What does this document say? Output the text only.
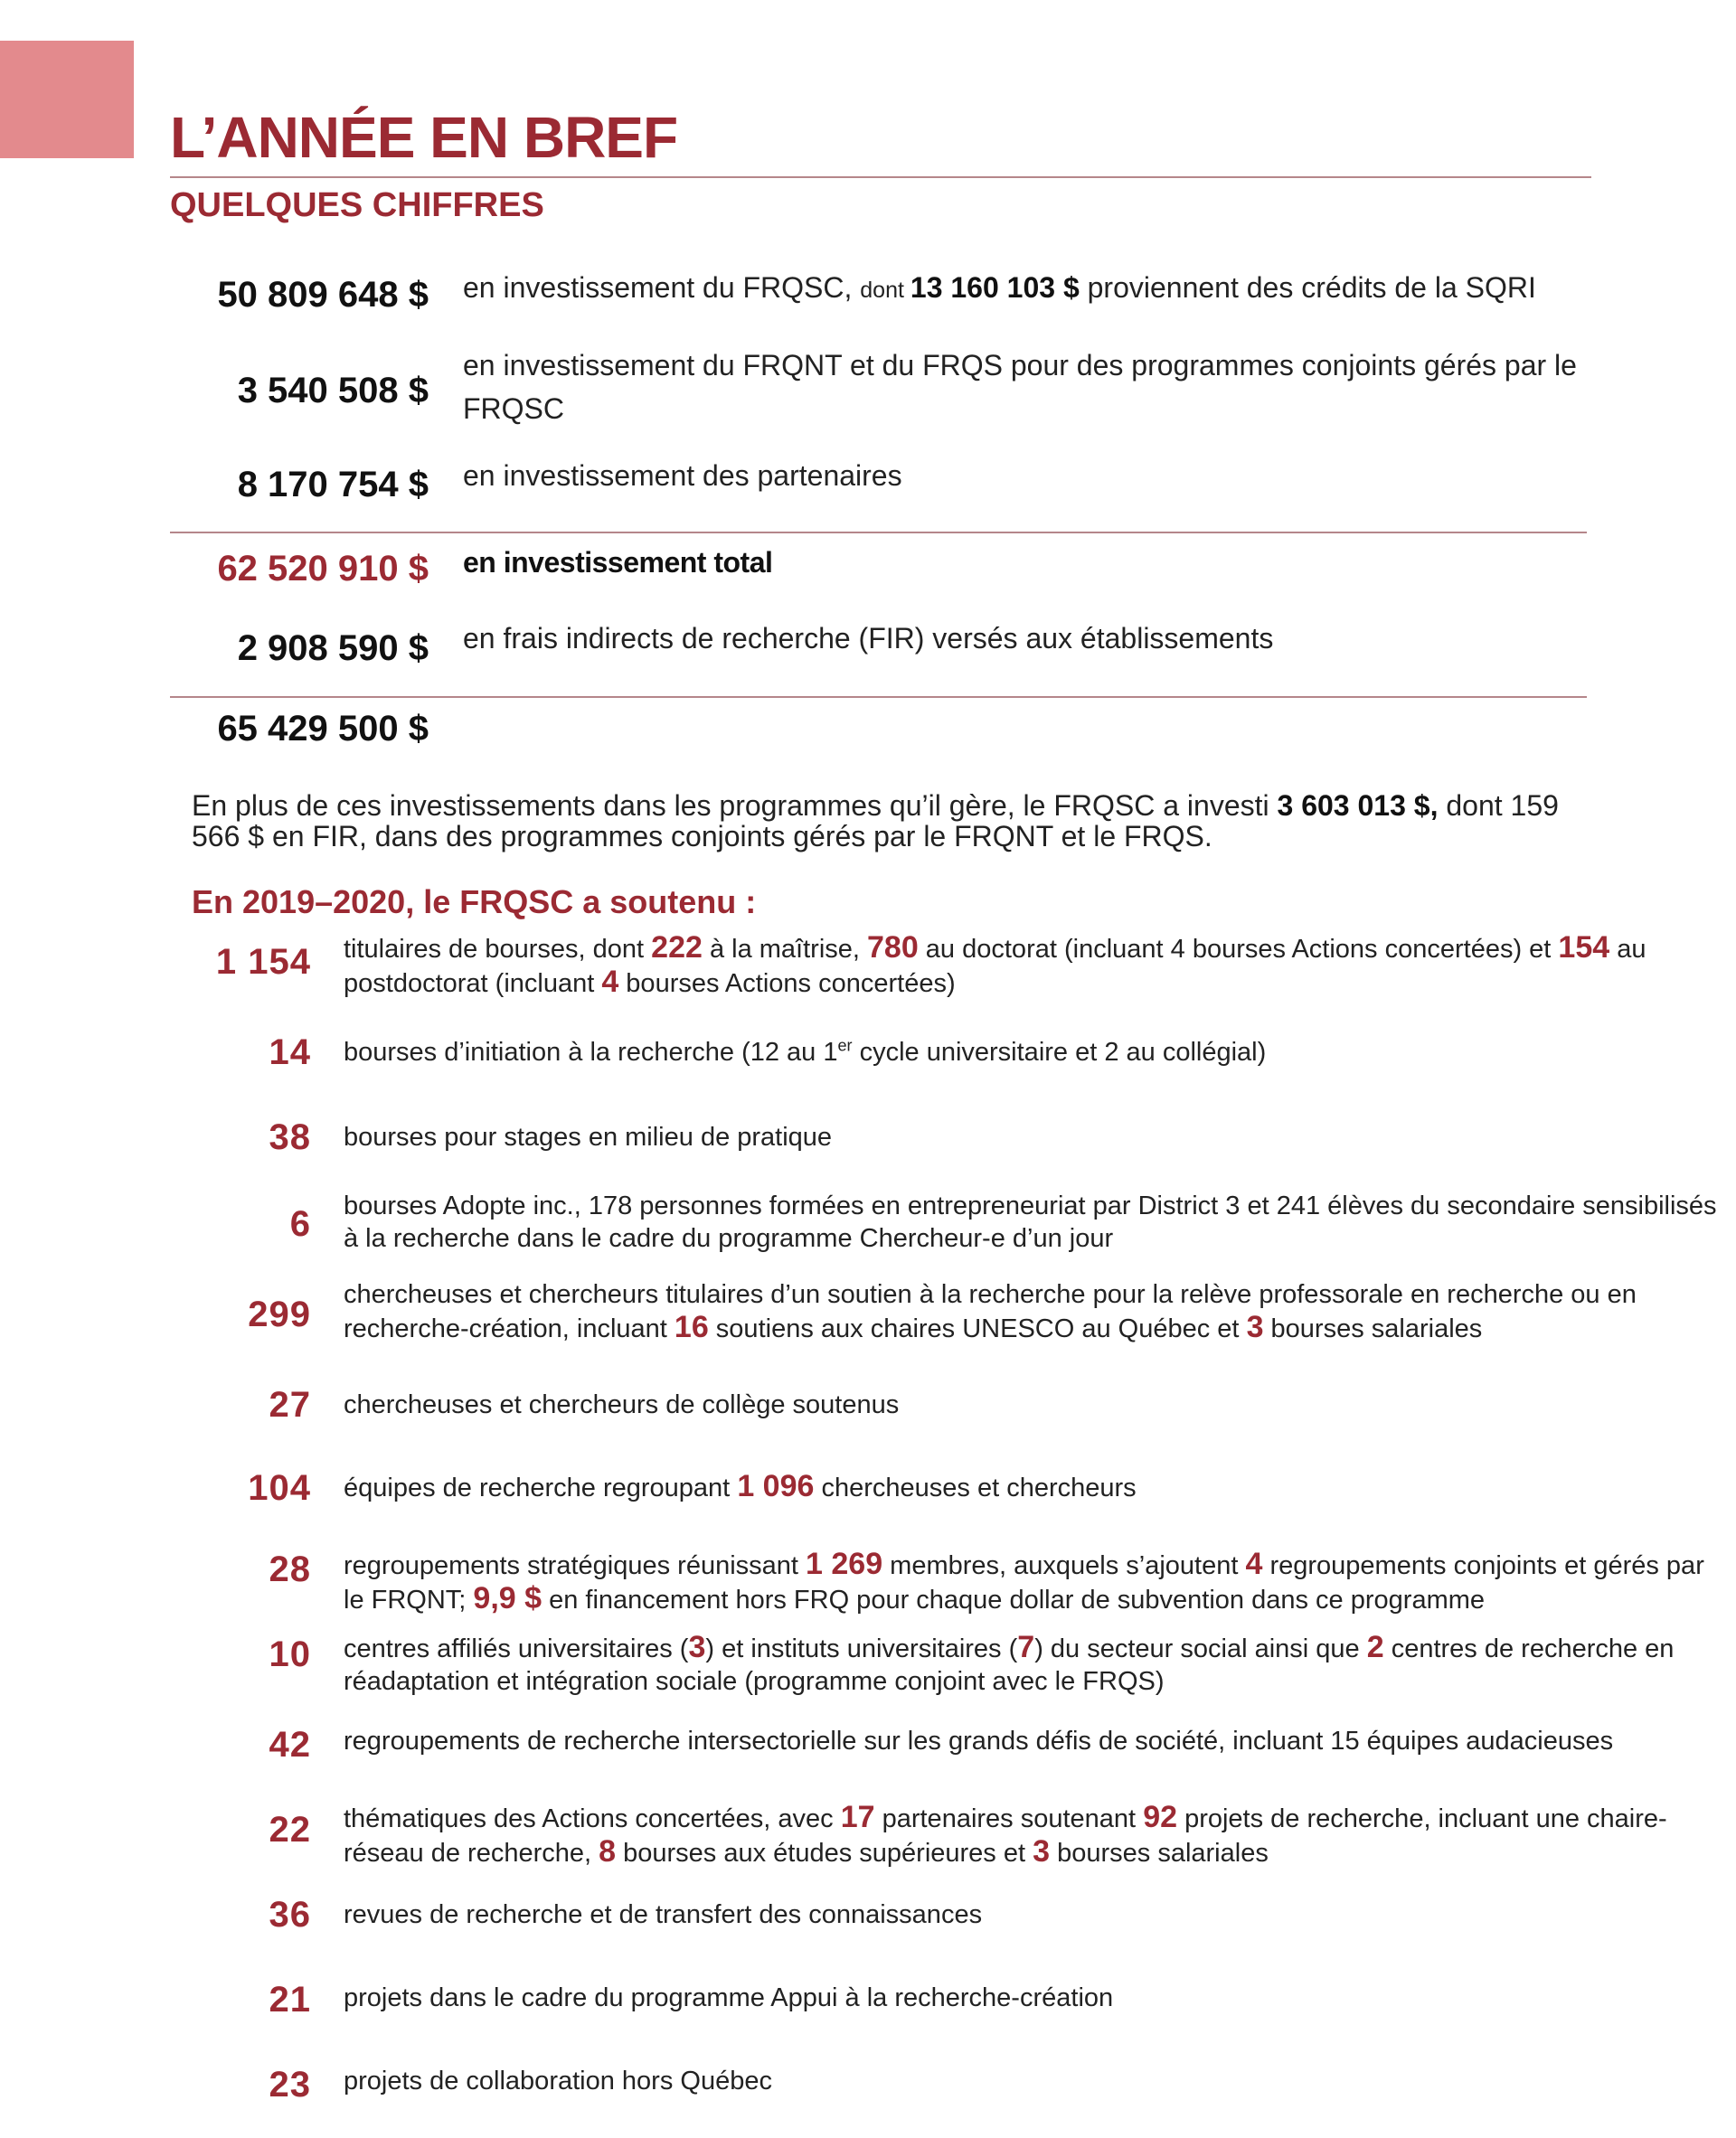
L’ANNÉE EN BREF
QUELQUES CHIFFRES
50 809 648 $ en investissement du FRQSC, dont 13 160 103 $ proviennent des crédits de la SQRI
3 540 508 $
en investissement du FRQNT et du FRQS pour des programmes conjoints gérés par le FRQSC
8 170 754 $ en investissement des partenaires
62 520 910 $ en investissement total
2 908 590 $ en frais indirects de recherche (FIR) versés aux établissements
65 429 500 $
En plus de ces investissements dans les programmes qu’il gère, le FRQSC a investi 3 603 013 $, dont 159 566 $ en FIR, dans des programmes conjoints gérés par le FRQNT et le FRQS.
En 2019–2020, le FRQSC a soutenu :
1 154 titulaires de bourses, dont 222 à la maîtrise, 780 au doctorat (incluant 4 bourses Actions concertées) et 154 au postdoctorat (incluant 4 bourses Actions concertées)
14 bourses d’initiation à la recherche (12 au 1er cycle universitaire et 2 au collégial)
38 bourses pour stages en milieu de pratique
6 bourses Adopte inc., 178 personnes formées en entrepreneuriat par District 3 et 241 élèves du secondaire sensibilisés à la recherche dans le cadre du programme Chercheur-e d’un jour
299 chercheuses et chercheurs titulaires d’un soutien à la recherche pour la relève professorale en recherche ou en recherche-création, incluant 16 soutiens aux chaires UNESCO au Québec et 3 bourses salariales
27 chercheuses et chercheurs de collège soutenus
104 équipes de recherche regroupant 1 096 chercheuses et chercheurs
28 regroupements stratégiques réunissant 1 269 membres, auxquels s’ajoutent 4 regroupements conjoints et gérés par le FRQNT; 9,9 $ en financement hors FRQ pour chaque dollar de subvention dans ce programme
10 centres affiliés universitaires (3) et instituts universitaires (7) du secteur social ainsi que 2 centres de recherche en réadaptation et intégration sociale (programme conjoint avec le FRQS)
42 regroupements de recherche intersectorielle sur les grands défis de société, incluant 15 équipes audacieuses
22 thématiques des Actions concertées, avec 17 partenaires soutenant 92 projets de recherche, incluant une chaire-réseau de recherche, 8 bourses aux études supérieures et 3 bourses salariales
36 revues de recherche et de transfert des connaissances
21 projets dans le cadre du programme Appui à la recherche-création
23 projets de collaboration hors Québec
